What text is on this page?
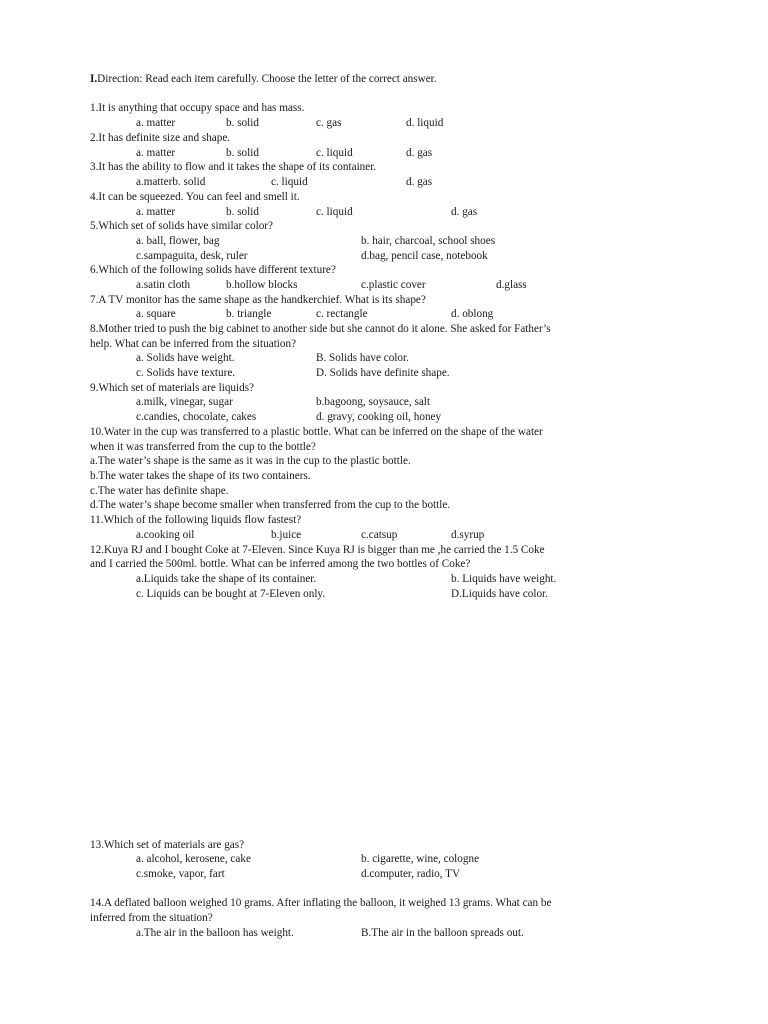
I.Direction: Read each item carefully. Choose the letter of the correct answer.
1.It is anything that occupy space and has mass.
a. matter	b. solid	c. gas	d. liquid
2.It has definite size and shape.
a. matter	b. solid	c. liquid	d. gas
3.It has the ability to flow and it takes the shape of its container.
a.matterb. solid	c. liquid	d. gas
4.It can be squeezed. You can feel and smell it.
a. matter	b. solid	c. liquid	d. gas
5.Which set of solids have similar color?
a. ball, flower, bag	b. hair, charcoal, school shoes
c.sampaguita, desk, ruler	d.bag, pencil case, notebook
6.Which of the following solids have different texture?
a.satin cloth	b.hollow blocks	c.plastic cover	d.glass
7.A TV monitor has the same shape as the handkerchief. What is its shape?
a. square	b. triangle	c. rectangle	d. oblong
8.Mother tried to push the big cabinet to another side but she cannot do it alone. She asked for Father’s
help. What can be inferred from the situation?
a. Solids have weight.	B. Solids have color.
c. Solids have texture.	D. Solids have definite shape.
9.Which set of materials are liquids?
a.milk, vinegar, sugar	b.bagoong, soysauce, salt
c.candies, chocolate, cakes	d. gravy, cooking oil, honey
10.Water in the cup was transferred to a plastic bottle. What can be inferred on the shape of the water
when it was transferred from the cup to the bottle?
a.The water’s shape is the same as it was in the cup to the plastic bottle.
b.The water takes the shape of its two containers.
c.The water has definite shape.
d.The water’s shape become smaller when transferred from the cup to the bottle.
11.Which of the following liquids flow fastest?
a.cooking oil	b.juice	c.catsup	d.syrup
12.Kuya RJ and I bought Coke at 7-Eleven. Since Kuya RJ is bigger than me ,he carried the 1.5 Coke
and I carried the 500ml. bottle. What can be inferred among the two bottles of Coke?
a.Liquids take the shape of its container.	b. Liquids have weight.
c. Liquids can be bought at 7-Eleven only.	D.Liquids have color.
13.Which set of materials are gas?
a. alcohol, kerosene, cake	b. cigarette, wine, cologne
c.smoke, vapor, fart	d.computer, radio, TV
14.A deflated balloon weighed 10 grams. After inflating the balloon, it weighed 13 grams. What can be
inferred from the situation?
a.The air in the balloon has weight.	B.The air in the balloon spreads out.
